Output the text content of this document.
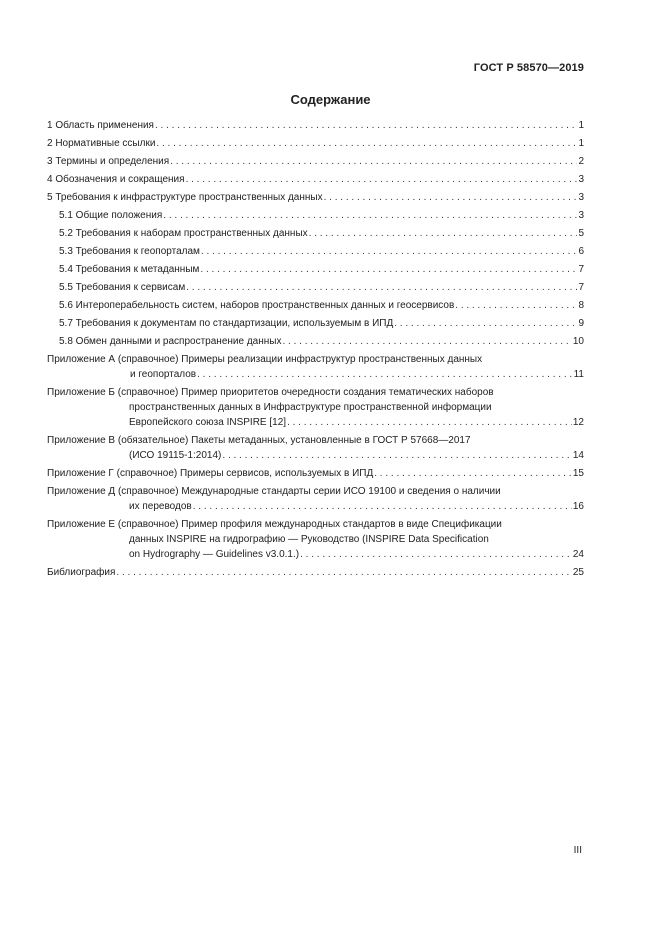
ГОСТ Р 58570—2019
Содержание
1 Область применения . . .	1
2 Нормативные ссылки . . .	1
3 Термины и определения . . .	2
4 Обозначения и сокращения . . .	3
5 Требования к инфраструктуре пространственных данных . . .	3
5.1 Общие положения . . .	3
5.2 Требования к наборам пространственных данных . . .	5
5.3 Требования к геопорталам . . .	6
5.4 Требования к метаданным . . .	7
5.5 Требования к сервисам . . .	7
5.6 Интероперабельность систем, наборов пространственных данных и геосервисов . . .	8
5.7 Требования к документам по стандартизации, используемым в ИПД . . .	9
5.8 Обмен данными и распространение данных . . .	10
Приложение А (справочное) Примеры реализации инфраструктур пространственных данных
и геопорталов . . .	11
Приложение Б (справочное) Пример приоритетов очередности создания тематических наборов
пространственных данных в Инфраструктуре пространственной информации
Европейского союза INSPIRE [12] . . .	12
Приложение В (обязательное) Пакеты метаданных, установленные в ГОСТ Р 57668—2017
(ИСО 19115-1:2014) . . .	14
Приложение Г (справочное) Примеры сервисов, используемых в ИПД . . .	15
Приложение Д (справочное) Международные стандарты серии ИСО 19100 и сведения о наличии
их переводов . . .	16
Приложение Е (справочное) Пример профиля международных стандартов в виде Спецификации
данных INSPIRE на гидрографию — Руководство (INSPIRE Data Specification
on Hydrography — Guidelines v3.0.1.) . . .	24
Библиография . . .	25
III
